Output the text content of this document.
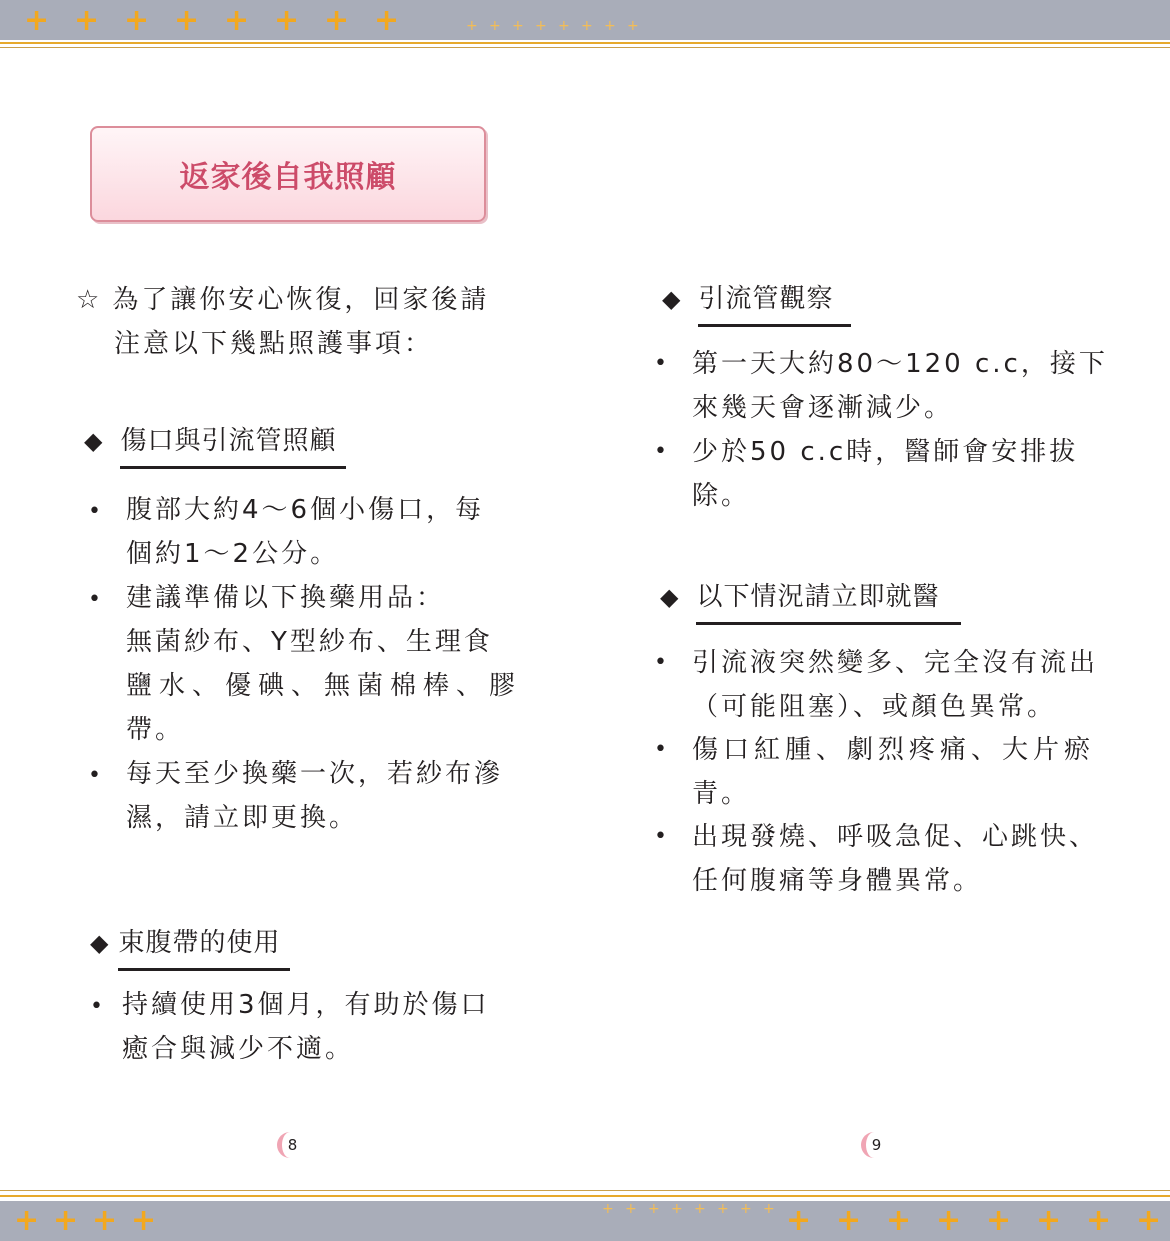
+ + + + + + + +	+ + + + + + + +
+ + + +	+ + + + + + + + + + + + + + + +
返家後自我照顧
☆ 為了讓你安心恢復，回家後請
注意以下幾點照護事項：
◆ 傷口與引流管照顧
• 腹部大約4～6個小傷口，每
個約1～2公分。
• 建議準備以下換藥用品：
無菌紗布、Y型紗布、生理食
鹽水、優碘、無菌棉棒、膠
帶。
• 每天至少換藥一次，若紗布滲
濕，請立即更換。
◆ 束腹帶的使用
• 持續使用3個月，有助於傷口
癒合與減少不適。
◆ 引流管觀察
• 第一天大約80～120 c.c，接下
來幾天會逐漸減少。
• 少於50 c.c時，醫師會安排拔
除。
◆ 以下情況請立即就醫
• 引流液突然變多、完全沒有流出
（可能阻塞）、或顏色異常。
• 傷口紅腫、劇烈疼痛、大片瘀
青。
• 出現發燒、呼吸急促、心跳快、
任何腹痛等身體異常。
8	9
